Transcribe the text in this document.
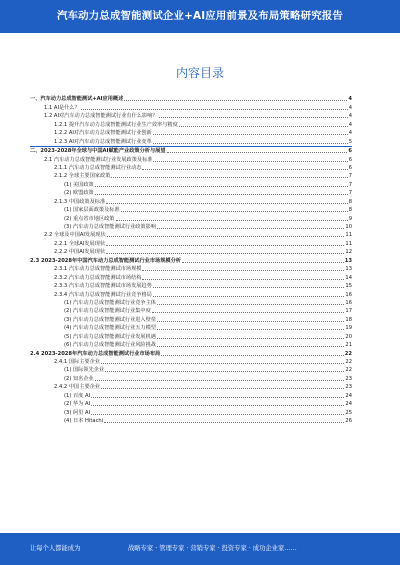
汽车动力总成智能测试企业+AI应用前景及布局策略研究报告
内容目录
一、汽车动力总成智能测试+AI应用概述	4
1.1 AI是什么？	4
1.2 AI对汽车动力总成智能测试行业有什么影响？	4
1.2.1 提升汽车动力总成智能测试行业生产效率与精度	4
1.2.2 AI对汽车动力总成智能测试行业创新	4
1.2.3 AI对汽车动力总成智能测试行业变革	5
二、2023-2028年全球与中国AI赋能产业政策分析与展望	6
2.1 汽车动力总成智能测试行业发展政策及标准	6
2.1.1 汽车动力总成智能测试行业动态	6
2.1.2 全球主要国家政策	7
(1) 美国政策	7
(2) 欧盟政策	7
2.1.3 中国政策及标准	8
(1) 国家层面政策及标准	8
(2) 重点省市地区政策	9
(3) 汽车动力总成智能测试行业政策影响	10
2.2 全球及中国AI发展现状	11
2.2.1 全球AI发展现状	11
2.2.2 中国AI发展现状	12
2.3 2023-2028年中国汽车动力总成智能测试行业市场规模分析	13
2.3.1 汽车动力总成智能测试市场规模	13
2.3.2 汽车动力总成智能测试市场结构	14
2.3.3 汽车动力总成智能测试市场发展趋势	15
2.3.4 汽车动力总成智能测试行业竞争格局	16
(1) 汽车动力总成智能测试行业竞争主体	16
(2) 汽车动力总成智能测试行业集中度	17
(3) 汽车动力总成智能测试行业进入壁垒	18
(4) 汽车动力总成智能测试行业五力模型	19
(5) 汽车动力总成智能测试行业发展机遇	20
(6) 汽车动力总成智能测试行业风险挑战	21
2.4 2023-2028年汽车动力总成智能测试行业市场布局	22
2.4.1 国际主要企业	22
(1) 国际领先企业	22
(2) 知名企业	23
2.4.2 中国主要企业	23
(1) 百度 AI	24
(2) 华为 AI	24
(3) 阿里 AI	25
(4) 日本 Hitachi	26
让每个人都能成为	战略专家 · 管理专家 · 营销专家 · 投资专家 · 成功企业家……
